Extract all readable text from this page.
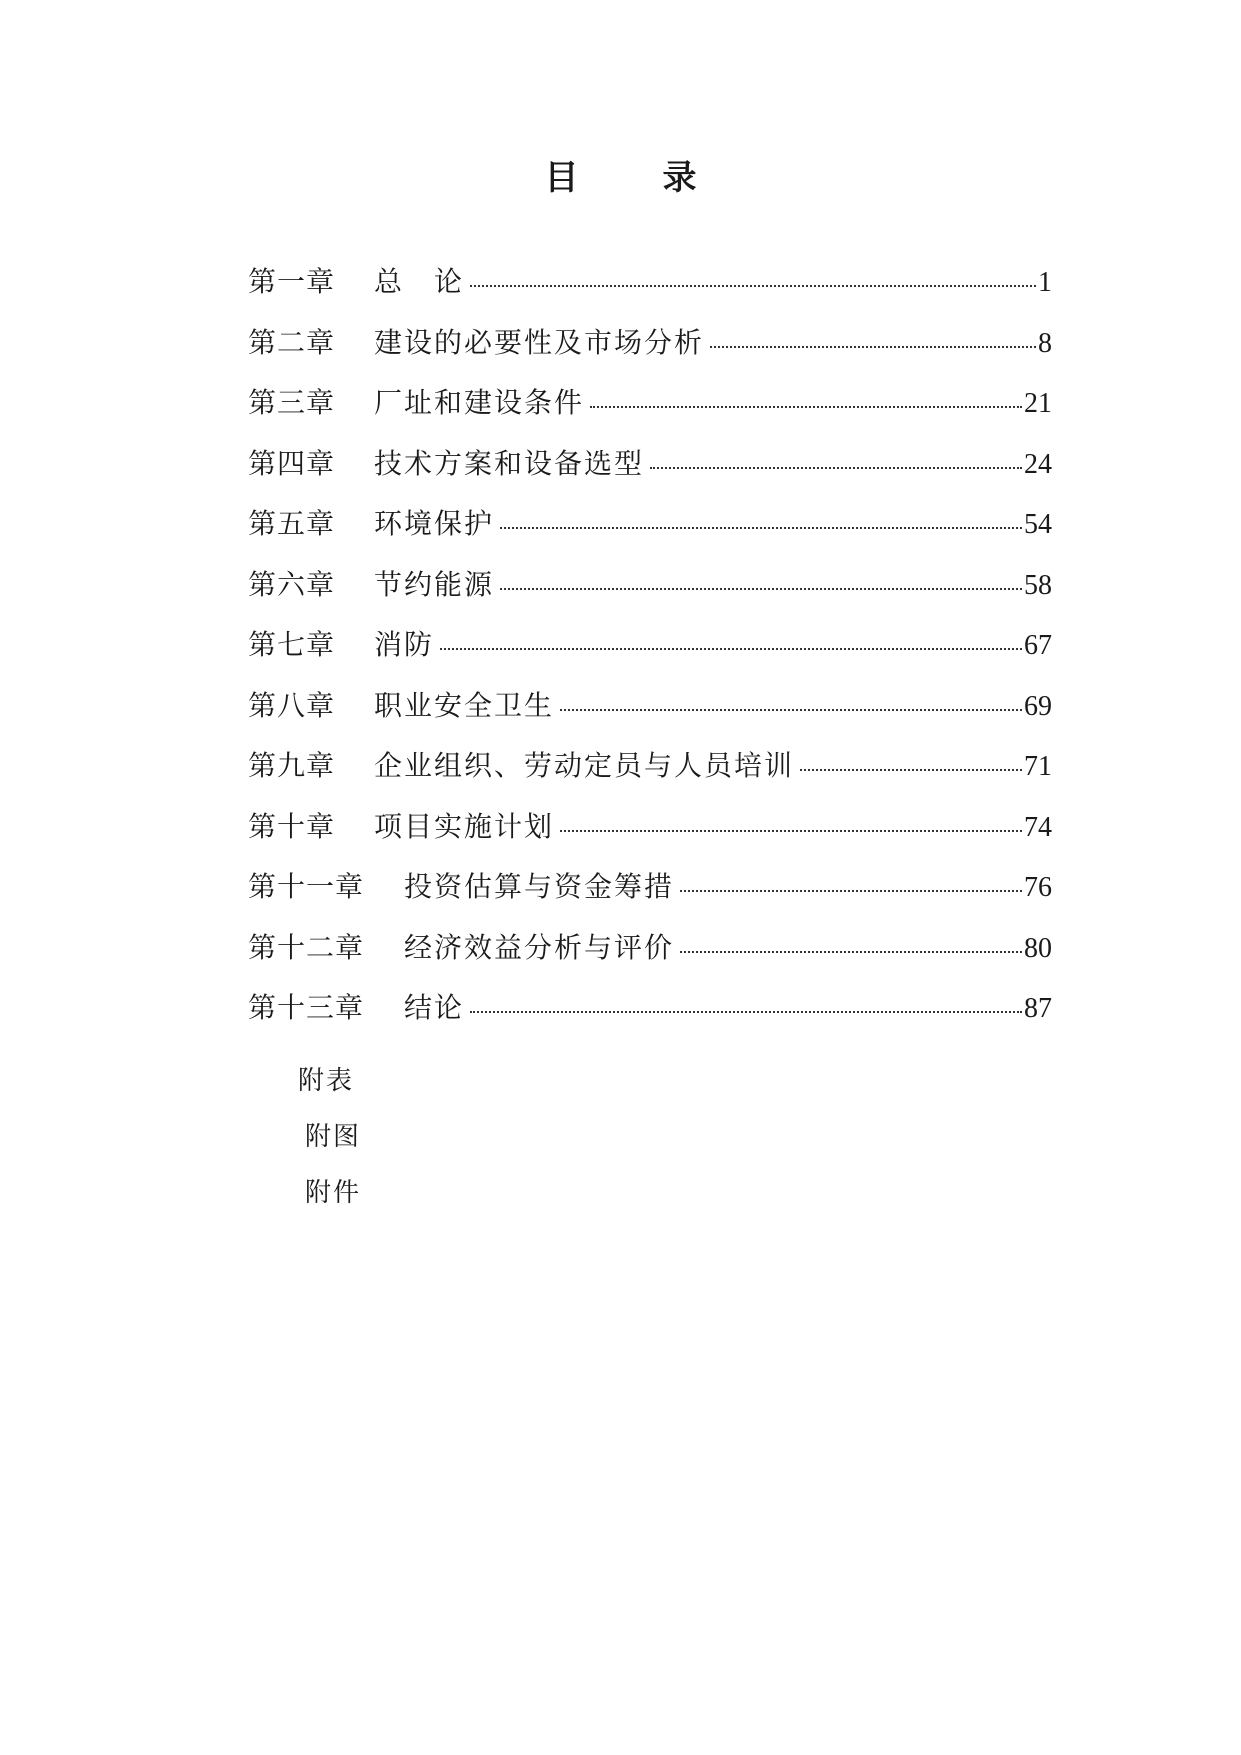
目 录
第一章	总　论	1
第二章	建设的必要性及市场分析	8
第三章	厂址和建设条件	21
第四章	技术方案和设备选型	24
第五章	环境保护	54
第六章	节约能源	58
第七章	消防	67
第八章	职业安全卫生	69
第九章	企业组织、劳动定员与人员培训	71
第十章	项目实施计划	74
第十一章	投资估算与资金筹措	76
第十二章	经济效益分析与评价	80
第十三章	结论	87
附表
附图
附件
